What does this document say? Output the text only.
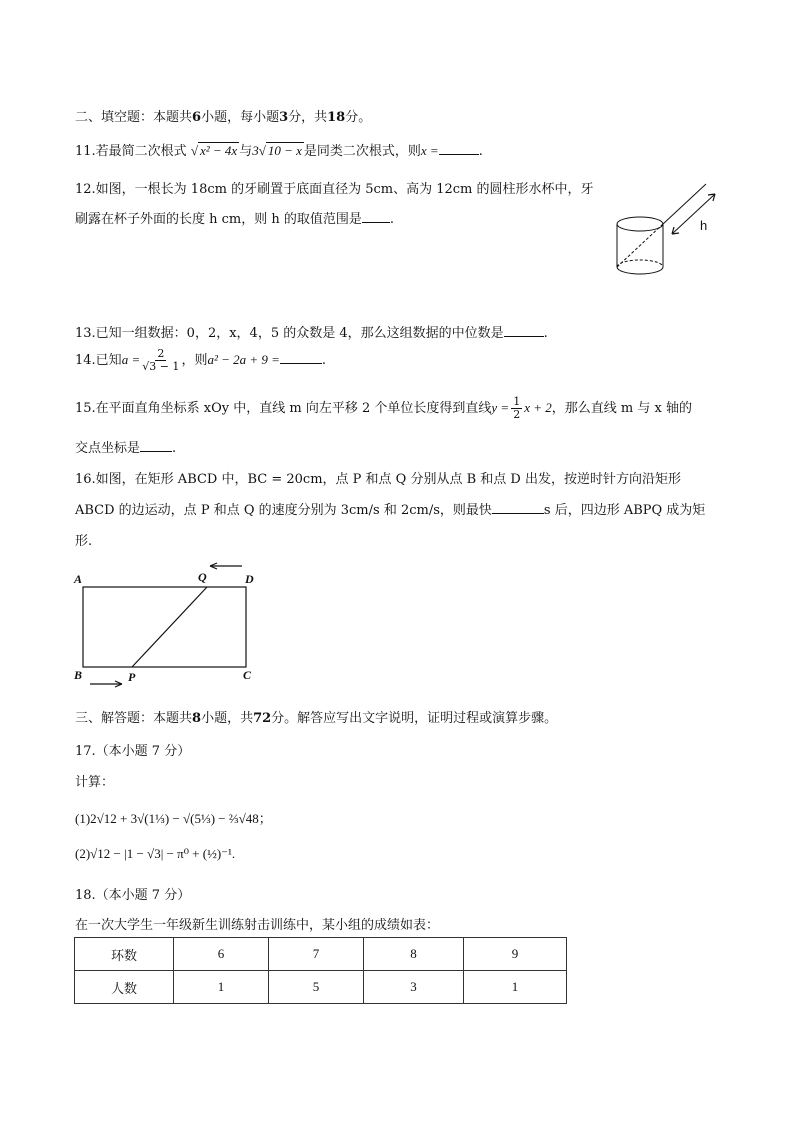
二、填空题：本题共6小题，每小题3分，共18分。
11.若最简二次根式 √ x² − 4x 与3√ 10 − x 是同类二次根式，则x =	.
12.如图，一根长为 18cm 的牙刷置于底面直径为 5cm、高为 12cm 的圆柱形水杯中，牙
刷露在杯子外面的长度 h cm，则 h 的取值范围是 .	h
13.已知一组数据：0，2，x，4，5 的众数是 4，那么这组数据的中位数是	.
14.已知$a = \frac{2}{√3 - 1}$ ，则a² − 2a + 9 =	.
15.在平面直角坐标系 xOy 中，直线 m 向左平移 2 个单位长度得到直线$y = \frac{1}{2}$ x + 2，那么直线 m 与 x 轴的
交点坐标是 .
16.如图，在矩形 ABCD 中，BC = 20cm，点 P 和点 Q 分别从点 B 和点 D 出发，按逆时针方向沿矩形
ABCD 的边运动，点 P 和点 Q 的速度分别为 3cm/s 和 2cm/s，则最快	s 后，四边形 ABPQ 成为矩
形.
A	Q	D
B	P	C
三、解答题：本题共8小题，共72分。解答应写出文字说明，证明过程或演算步骤。
17.（本小题 7 分）
计算：
(1)2√12 + 3√(1⅓) − √(5⅓) − ⅔√48；
(2)√12 − |1 − √3| − π⁰ + (½)⁻¹.
18.（本小题 7 分）
在一次大学生一年级新生训练射击训练中，某小组的成绩如表：
环数	6	7	8	9
人数	1	5	3	1
